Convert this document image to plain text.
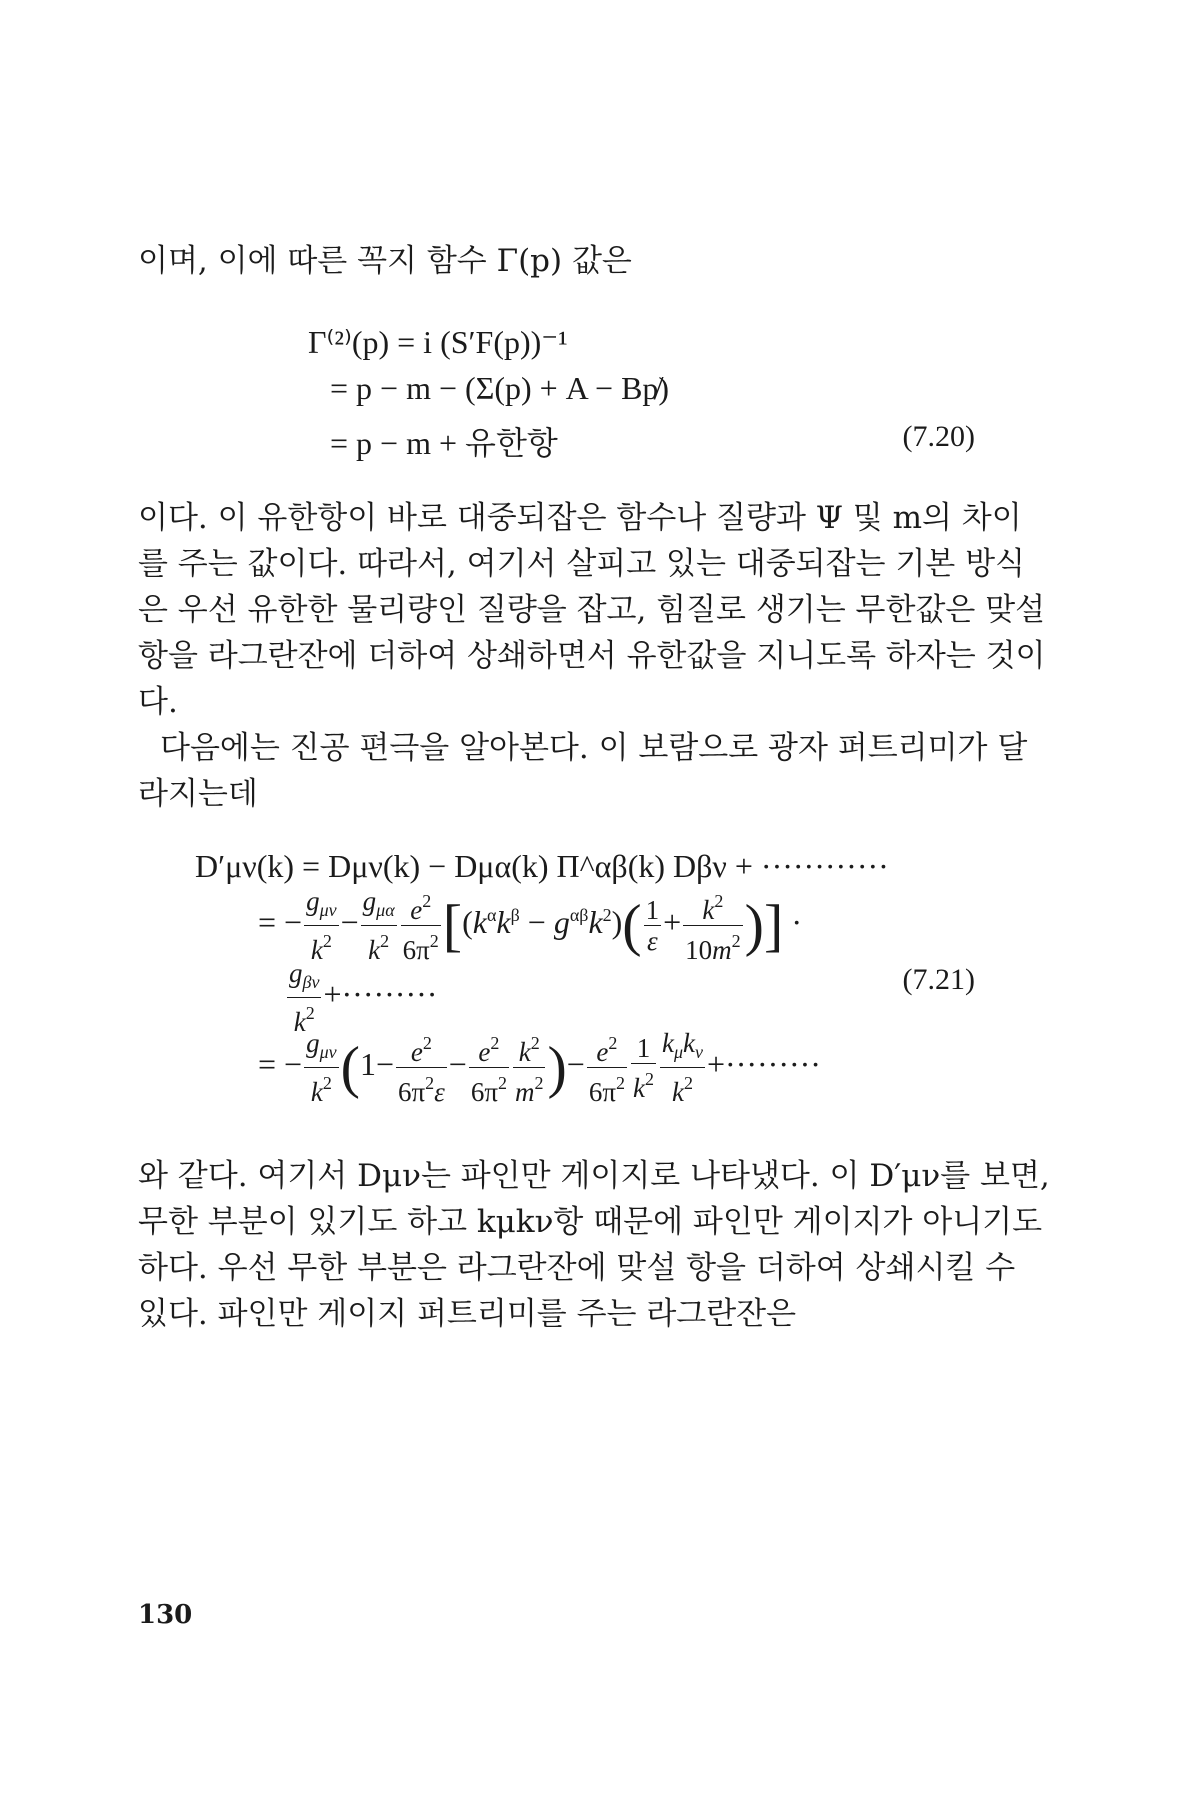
이며, 이에 따른 꼭지 함수 Γ(p) 값은
Γ⁽²⁾(p) = i (S′F(p))⁻¹
= p − m − (Σ(p) + A − Bp̸)
= p − m + 유한항	(7.20)
이다. 이 유한항이 바로 대중되잡은 함수나 질량과 Ψ 및 m의 차이
를 주는 값이다. 따라서, 여기서 살피고 있는 대중되잡는 기본 방식
은 우선 유한한 물리량인 질량을 잡고, 힘질로 생기는 무한값은 맞설
항을 라그란잔에 더하여 상쇄하면서 유한값을 지니도록 하자는 것이
다.
다음에는 진공 편극을 알아본다. 이 보람으로 광자 퍼트리미가 달
라지는데
D′μν(k) = Dμν(k) − Dμα(k) Π^αβ(k) Dβν + ············
= − $\frac{g_{\mu\nu}}{k^2} - \frac{g_{\mu\alpha}}{k^2} \frac{e^2}{6\pi^2} [(k^\alpha k^\beta - g^{\alpha\beta}k^2)( \frac{1}{\varepsilon} + \frac{k^2}{10m^2}$ )] ·
$\frac{g_{\beta\nu}}{k^2}$ +·········	(7.21)
= − $\frac{g_{\mu\nu}}{k^2} (1- \frac{e^2}{6\pi^2\varepsilon} - \frac{e^2}{6\pi^2} \frac{k^2}{m^2}$ )− $\frac{e^2}{6\pi^2} \frac{1}{k^2} \frac{k_\mu k_\nu}{k^2}$ +·········
와 같다. 여기서 Dμν는 파인만 게이지로 나타냈다. 이 D′μν를 보면,
무한 부분이 있기도 하고 kμkν항 때문에 파인만 게이지가 아니기도
하다. 우선 무한 부분은 라그란잔에 맞설 항을 더하여 상쇄시킬 수
있다. 파인만 게이지 퍼트리미를 주는 라그란잔은
130
